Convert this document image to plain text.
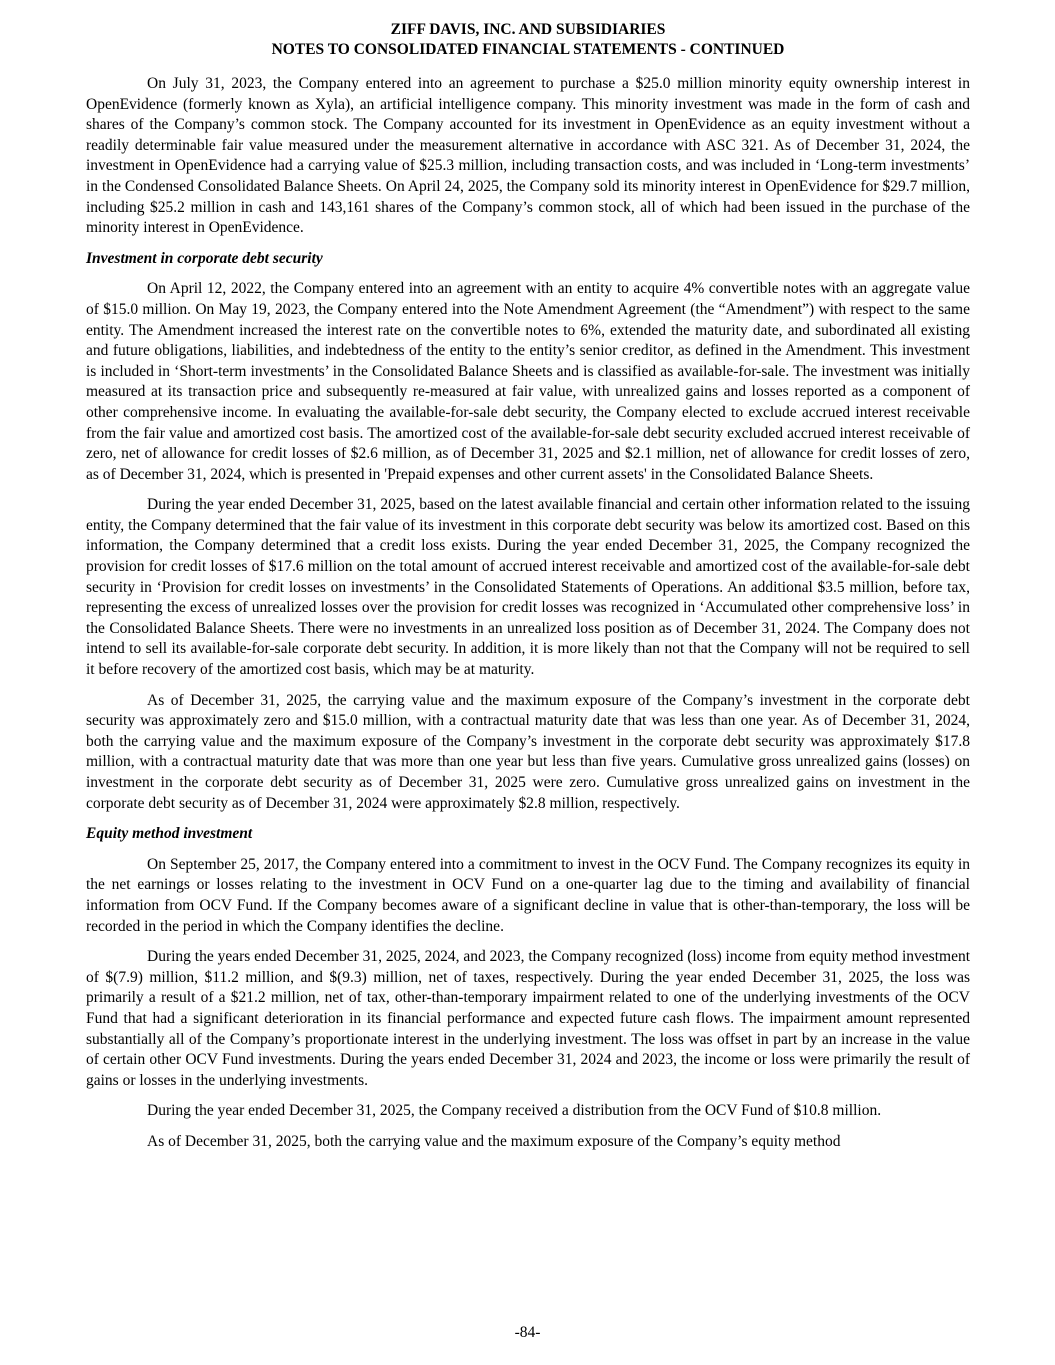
ZIFF DAVIS, INC. AND SUBSIDIARIES
NOTES TO CONSOLIDATED FINANCIAL STATEMENTS - CONTINUED

On July 31, 2023, the Company entered into an agreement to purchase a $25.0 million minority equity ownership interest in OpenEvidence (formerly known as Xyla), an artificial intelligence company. This minority investment was made in the form of cash and shares of the Company’s common stock. The Company accounted for its investment in OpenEvidence as an equity investment without a readily determinable fair value measured under the measurement alternative in accordance with ASC 321. As of December 31, 2024, the investment in OpenEvidence had a carrying value of $25.3 million, including transaction costs, and was included in ‘Long-term investments’ in the Condensed Consolidated Balance Sheets. On April 24, 2025, the Company sold its minority interest in OpenEvidence for $29.7 million, including $25.2 million in cash and 143,161 shares of the Company’s common stock, all of which had been issued in the purchase of the minority interest in OpenEvidence.

Investment in corporate debt security

On April 12, 2022, the Company entered into an agreement with an entity to acquire 4% convertible notes with an aggregate value of $15.0 million. On May 19, 2023, the Company entered into the Note Amendment Agreement (the “Amendment”) with respect to the same entity. The Amendment increased the interest rate on the convertible notes to 6%, extended the maturity date, and subordinated all existing and future obligations, liabilities, and indebtedness of the entity to the entity’s senior creditor, as defined in the Amendment. This investment is included in ‘Short-term investments’ in the Consolidated Balance Sheets and is classified as available-for-sale. The investment was initially measured at its transaction price and subsequently re-measured at fair value, with unrealized gains and losses reported as a component of other comprehensive income. In evaluating the available-for-sale debt security, the Company elected to exclude accrued interest receivable from the fair value and amortized cost basis. The amortized cost of the available-for-sale debt security excluded accrued interest receivable of zero, net of allowance for credit losses of $2.6 million, as of December 31, 2025 and $2.1 million, net of allowance for credit losses of zero, as of December 31, 2024, which is presented in 'Prepaid expenses and other current assets' in the Consolidated Balance Sheets.

During the year ended December 31, 2025, based on the latest available financial and certain other information related to the issuing entity, the Company determined that the fair value of its investment in this corporate debt security was below its amortized cost. Based on this information, the Company determined that a credit loss exists. During the year ended December 31, 2025, the Company recognized the provision for credit losses of $17.6 million on the total amount of accrued interest receivable and amortized cost of the available-for-sale debt security in ‘Provision for credit losses on investments’ in the Consolidated Statements of Operations. An additional $3.5 million, before tax, representing the excess of unrealized losses over the provision for credit losses was recognized in ‘Accumulated other comprehensive loss’ in the Consolidated Balance Sheets. There were no investments in an unrealized loss position as of December 31, 2024. The Company does not intend to sell its available-for-sale corporate debt security. In addition, it is more likely than not that the Company will not be required to sell it before recovery of the amortized cost basis, which may be at maturity.

As of December 31, 2025, the carrying value and the maximum exposure of the Company’s investment in the corporate debt security was approximately zero and $15.0 million, with a contractual maturity date that was less than one year. As of December 31, 2024, both the carrying value and the maximum exposure of the Company’s investment in the corporate debt security was approximately $17.8 million, with a contractual maturity date that was more than one year but less than five years. Cumulative gross unrealized gains (losses) on investment in the corporate debt security as of December 31, 2025 were zero. Cumulative gross unrealized gains on investment in the corporate debt security as of December 31, 2024 were approximately $2.8 million, respectively.

Equity method investment

On September 25, 2017, the Company entered into a commitment to invest in the OCV Fund. The Company recognizes its equity in the net earnings or losses relating to the investment in OCV Fund on a one-quarter lag due to the timing and availability of financial information from OCV Fund. If the Company becomes aware of a significant decline in value that is other-than-temporary, the loss will be recorded in the period in which the Company identifies the decline.

During the years ended December 31, 2025, 2024, and 2023, the Company recognized (loss) income from equity method investment of $(7.9) million, $11.2 million, and $(9.3) million, net of taxes, respectively. During the year ended December 31, 2025, the loss was primarily a result of a $21.2 million, net of tax, other-than-temporary impairment related to one of the underlying investments of the OCV Fund that had a significant deterioration in its financial performance and expected future cash flows. The impairment amount represented substantially all of the Company’s proportionate interest in the underlying investment. The loss was offset in part by an increase in the value of certain other OCV Fund investments. During the years ended December 31, 2024 and 2023, the income or loss were primarily the result of gains or losses in the underlying investments.

During the year ended December 31, 2025, the Company received a distribution from the OCV Fund of $10.8 million.

As of December 31, 2025, both the carrying value and the maximum exposure of the Company’s equity method

-84-
